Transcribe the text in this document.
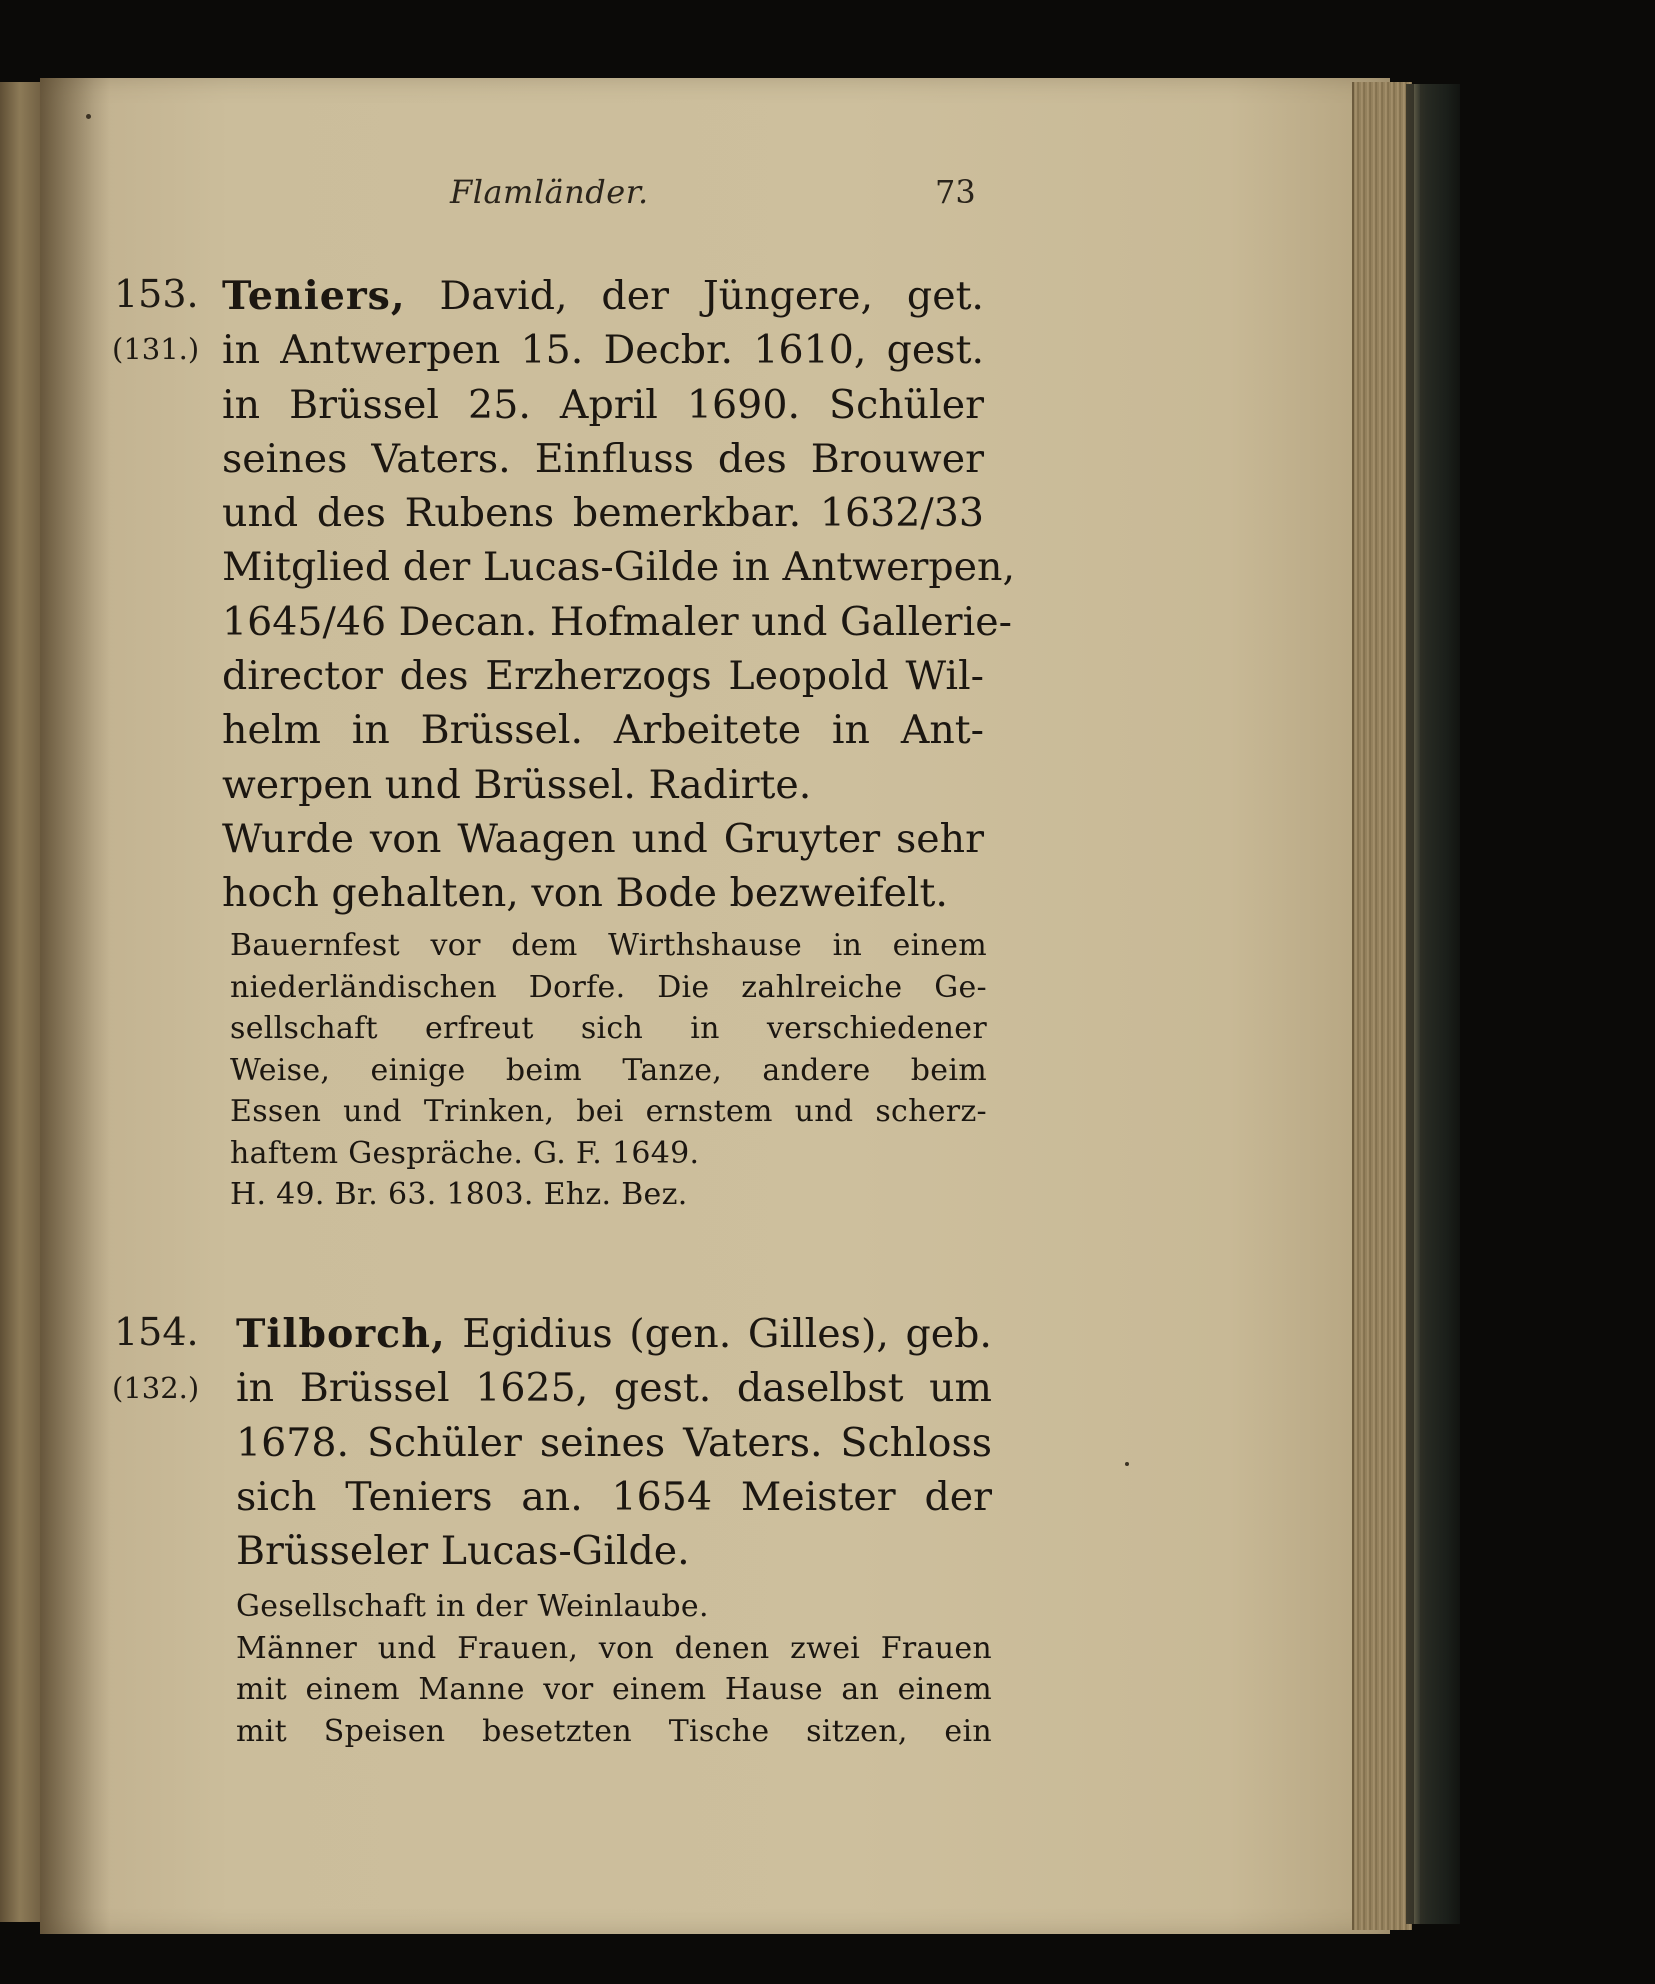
Flamländer.	73
153.
(131.)
Teniers, David, der Jüngere, get.
in Antwerpen 15. Decbr. 1610, gest.
in Brüssel 25. April 1690. Schüler
seines Vaters. Einfluss des Brouwer
und des Rubens bemerkbar. 1632/33
Mitglied der Lucas-Gilde in Antwerpen,
1645/46 Decan. Hofmaler und Gallerie-
director des Erzherzogs Leopold Wil-
helm in Brüssel. Arbeitete in Ant-
werpen und Brüssel. Radirte.
Wurde von Waagen und Gruyter sehr
hoch gehalten, von Bode bezweifelt.
Bauernfest vor dem Wirthshause in einem
niederländischen Dorfe. Die zahlreiche Ge-
sellschaft erfreut sich in verschiedener
Weise, einige beim Tanze, andere beim
Essen und Trinken, bei ernstem und scherz-
haftem Gespräche. G. F. 1649.
H. 49. Br. 63. 1803. Ehz. Bez.
154.
(132.)
Tilborch, Egidius (gen. Gilles), geb.
in Brüssel 1625, gest. daselbst um
1678. Schüler seines Vaters. Schloss
sich Teniers an. 1654 Meister der
Brüsseler Lucas-Gilde.
Gesellschaft in der Weinlaube.
Männer und Frauen, von denen zwei Frauen
mit einem Manne vor einem Hause an einem
mit Speisen besetzten Tische sitzen, ein
